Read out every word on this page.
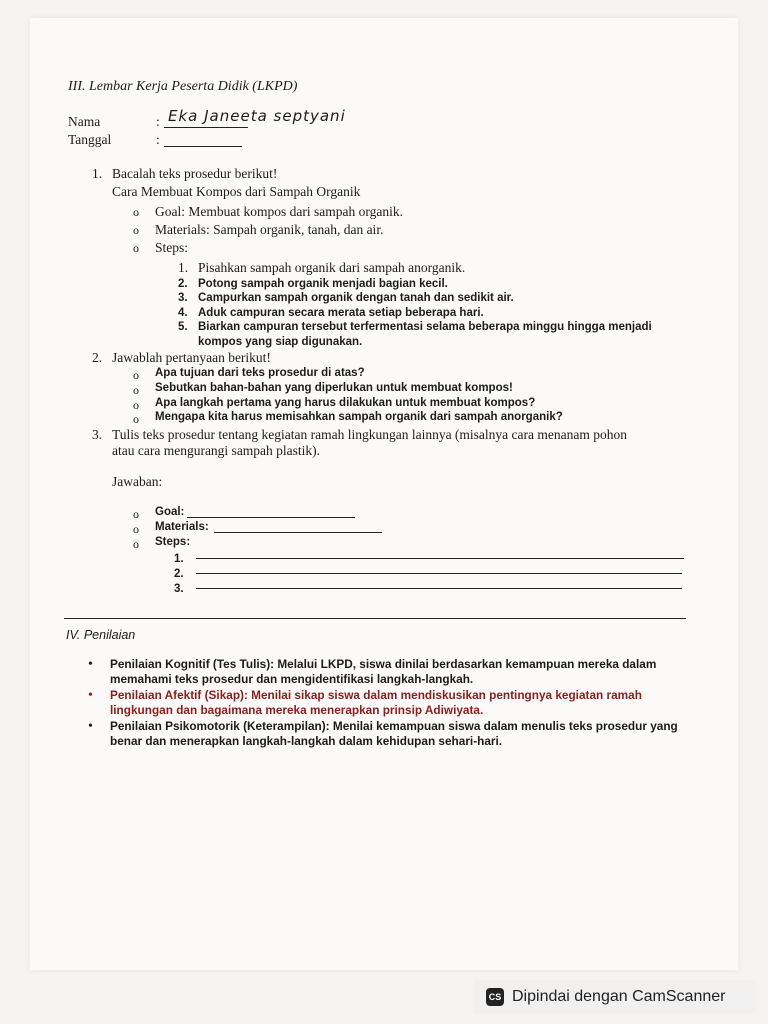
III. Lembar Kerja Peserta Didik (LKPD)
Nama	: Eka Janeeta septyani
Tanggal	:
1. Bacalah teks prosedur berikut!
Cara Membuat Kompos dari Sampah Organik
o Goal: Membuat kompos dari sampah organik.
o Materials: Sampah organik, tanah, dan air.
o Steps:
1. Pisahkan sampah organik dari sampah anorganik.
2. Potong sampah organik menjadi bagian kecil.
3. Campurkan sampah organik dengan tanah dan sedikit air.
4. Aduk campuran secara merata setiap beberapa hari.
5. Biarkan campuran tersebut terfermentasi selama beberapa minggu hingga menjadi
kompos yang siap digunakan.
2. Jawablah pertanyaan berikut!
o Apa tujuan dari teks prosedur di atas?
o Sebutkan bahan-bahan yang diperlukan untuk membuat kompos!
o Apa langkah pertama yang harus dilakukan untuk membuat kompos?
o Mengapa kita harus memisahkan sampah organik dari sampah anorganik?
3. Tulis teks prosedur tentang kegiatan ramah lingkungan lainnya (misalnya cara menanam pohon
atau cara mengurangi sampah plastik).
Jawaban:
o Goal:
o Materials:
o Steps:
1.
2.
3.
IV. Penilaian
• Penilaian Kognitif (Tes Tulis): Melalui LKPD, siswa dinilai berdasarkan kemampuan mereka dalam
memahami teks prosedur dan mengidentifikasi langkah-langkah.
• Penilaian Afektif (Sikap): Menilai sikap siswa dalam mendiskusikan pentingnya kegiatan ramah
lingkungan dan bagaimana mereka menerapkan prinsip Adiwiyata.
• Penilaian Psikomotorik (Keterampilan): Menilai kemampuan siswa dalam menulis teks prosedur yang
benar dan menerapkan langkah-langkah dalam kehidupan sehari-hari.
CS Dipindai dengan CamScanner
